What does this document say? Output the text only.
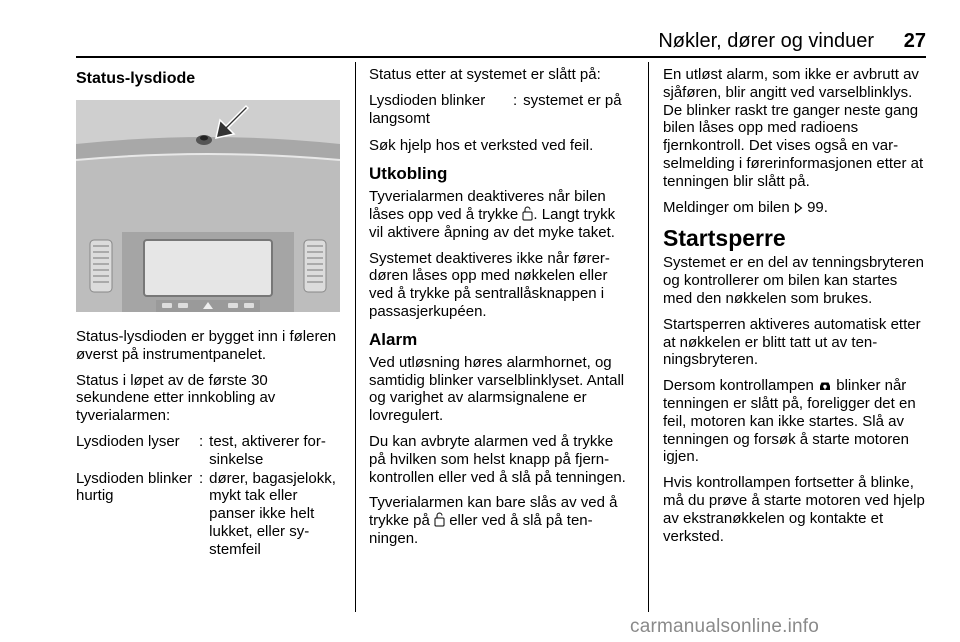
Nøkler, dører og vinduer 27
Status-lysdiode

Status-lysdioden er bygget inn i føleren øverst på instrumentpanelet.

Status i løpet av de første 30 sekundene etter innkobling av tyverialarmen:

Lysdioden lyser	: test, aktiverer forsinkelse
Lysdioden blinker hurtig
: dører, bagasjelokk, mykt tak eller panser ikke helt lukket, eller systemfeil

Status etter at systemet er slått på:

Lysdioden blinker langsomt
: systemet er på

Søk hjelp hos et verksted ved feil.

Utkobling

Tyverialarmen deaktiveres når bilen låses opp ved å trykke . Langt trykk vil aktivere åpning av det myke taket.

Systemet deaktiveres ikke når førerdøren låses opp med nøkkelen eller ved å trykke på sentrallåsknappen i passasjerkupéen.

Alarm

Ved utløsning høres alarmhornet, og samtidig blinker varselblinklyset. Antall og varighet av alarmsignalene er lovregulert.

Du kan avbryte alarmen ved å trykke på hvilken som helst knapp på fjernkontrollen eller ved å slå på tenningen.

Tyverialarmen kan bare slås av ved å trykke på eller ved å slå på tenningen.

En utløst alarm, som ikke er avbrutt av sjåføren, blir angitt ved varselblinklys. De blinker raskt tre ganger neste gang bilen låses opp med radioens fjernkontroll. Det vises også en varselmelding i førerinformasjonen etter at tenningen blir slått på.

Meldinger om bilen 99.

Startsperre

Systemet er en del av tenningsbryteren og kontrollerer om bilen kan startes med den nøkkelen som brukes.

Startsperren aktiveres automatisk etter at nøkkelen er blitt tatt ut av tenningsbryteren.

Dersom kontrollampen blinker når tenningen er slått på, foreligger det en feil, motoren kan ikke startes. Slå av tenningen og forsøk å starte motoren igjen.

Hvis kontrollampen fortsetter å blinke, må du prøve å starte motoren ved hjelp av ekstranøkkelen og kontakte et verksted.

carmanualsonline.info
